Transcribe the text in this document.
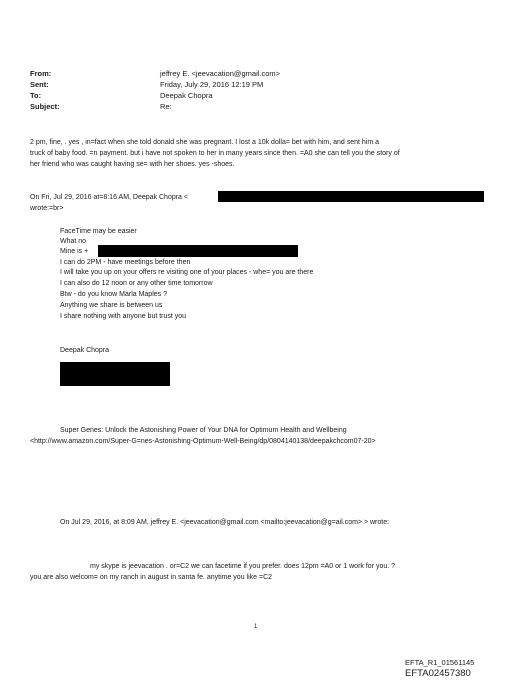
From:	jeffrey E. <jeevacation@gmail.com>
Sent:	Friday, July 29, 2016 12:19 PM
To:	Deepak Chopra
Subject:	Re:
2 pm, fine, . yes , in=fact when she told donald she was pregnant. I lost a 10k dolla= bet with him, and sent him a
truck of baby food. =n payment. but i have not spoken to her in many years since then. =A0 she can tell you the story of
her friend who was caught having se= with her shoes. yes -shoes.
On Fri, Jul 29, 2016 at=8:16 AM, Deepak Chopra <
wrote:=br>
FaceTime may be easier
What no
Mine is +
I can do 2PM - have meetings before then
I will take you up on your offers re visiting one of your places - whe= you are there
I can also do 12 noon or any other time tomorrow
Btw - do you know Marla Maples ?
Anything we share is between us
I share nothing with anyone but trust you
Deepak Chopra
Super Genes: Unlock the Astonishing Power of Your DNA for Optimum Health and Wellbeing
<http://www.amazon.com/Super-G=nes-Astonishing-Optimum-Well-Being/dp/0804140138/deepakchcom07-20>
On Jul 29, 2016, at 8:09 AM, jeffrey E. <jeevacation@gmail.com <mailto:jeevacation@g=ail.com> > wrote:
my skype is jeevacation . or=C2 we can facetime if you prefer. does 12pm =A0 or 1 work for you. ?
you are also welcom= on my ranch in august in santa fe. anytime you like =C2
1
EFTA_R1_01561145
EFTA02457380
